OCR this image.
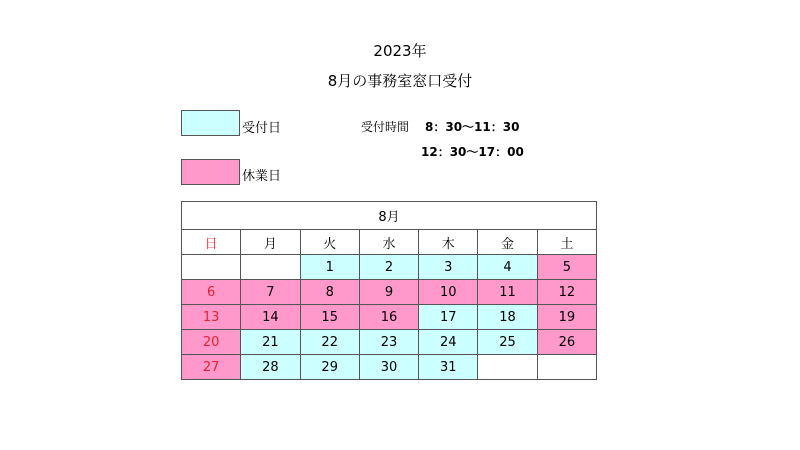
2023年
8月の事務室窓口受付
受付日
休業日
受付時間 8：30〜11：30
12：30〜17：00
8月						
日	月	火	水	木	金	土
		1	2	3	4	5
6	7	8	9	10	11	12
13	14	15	16	17	18	19
20	21	22	23	24	25	26
27	28	29	30	31		
